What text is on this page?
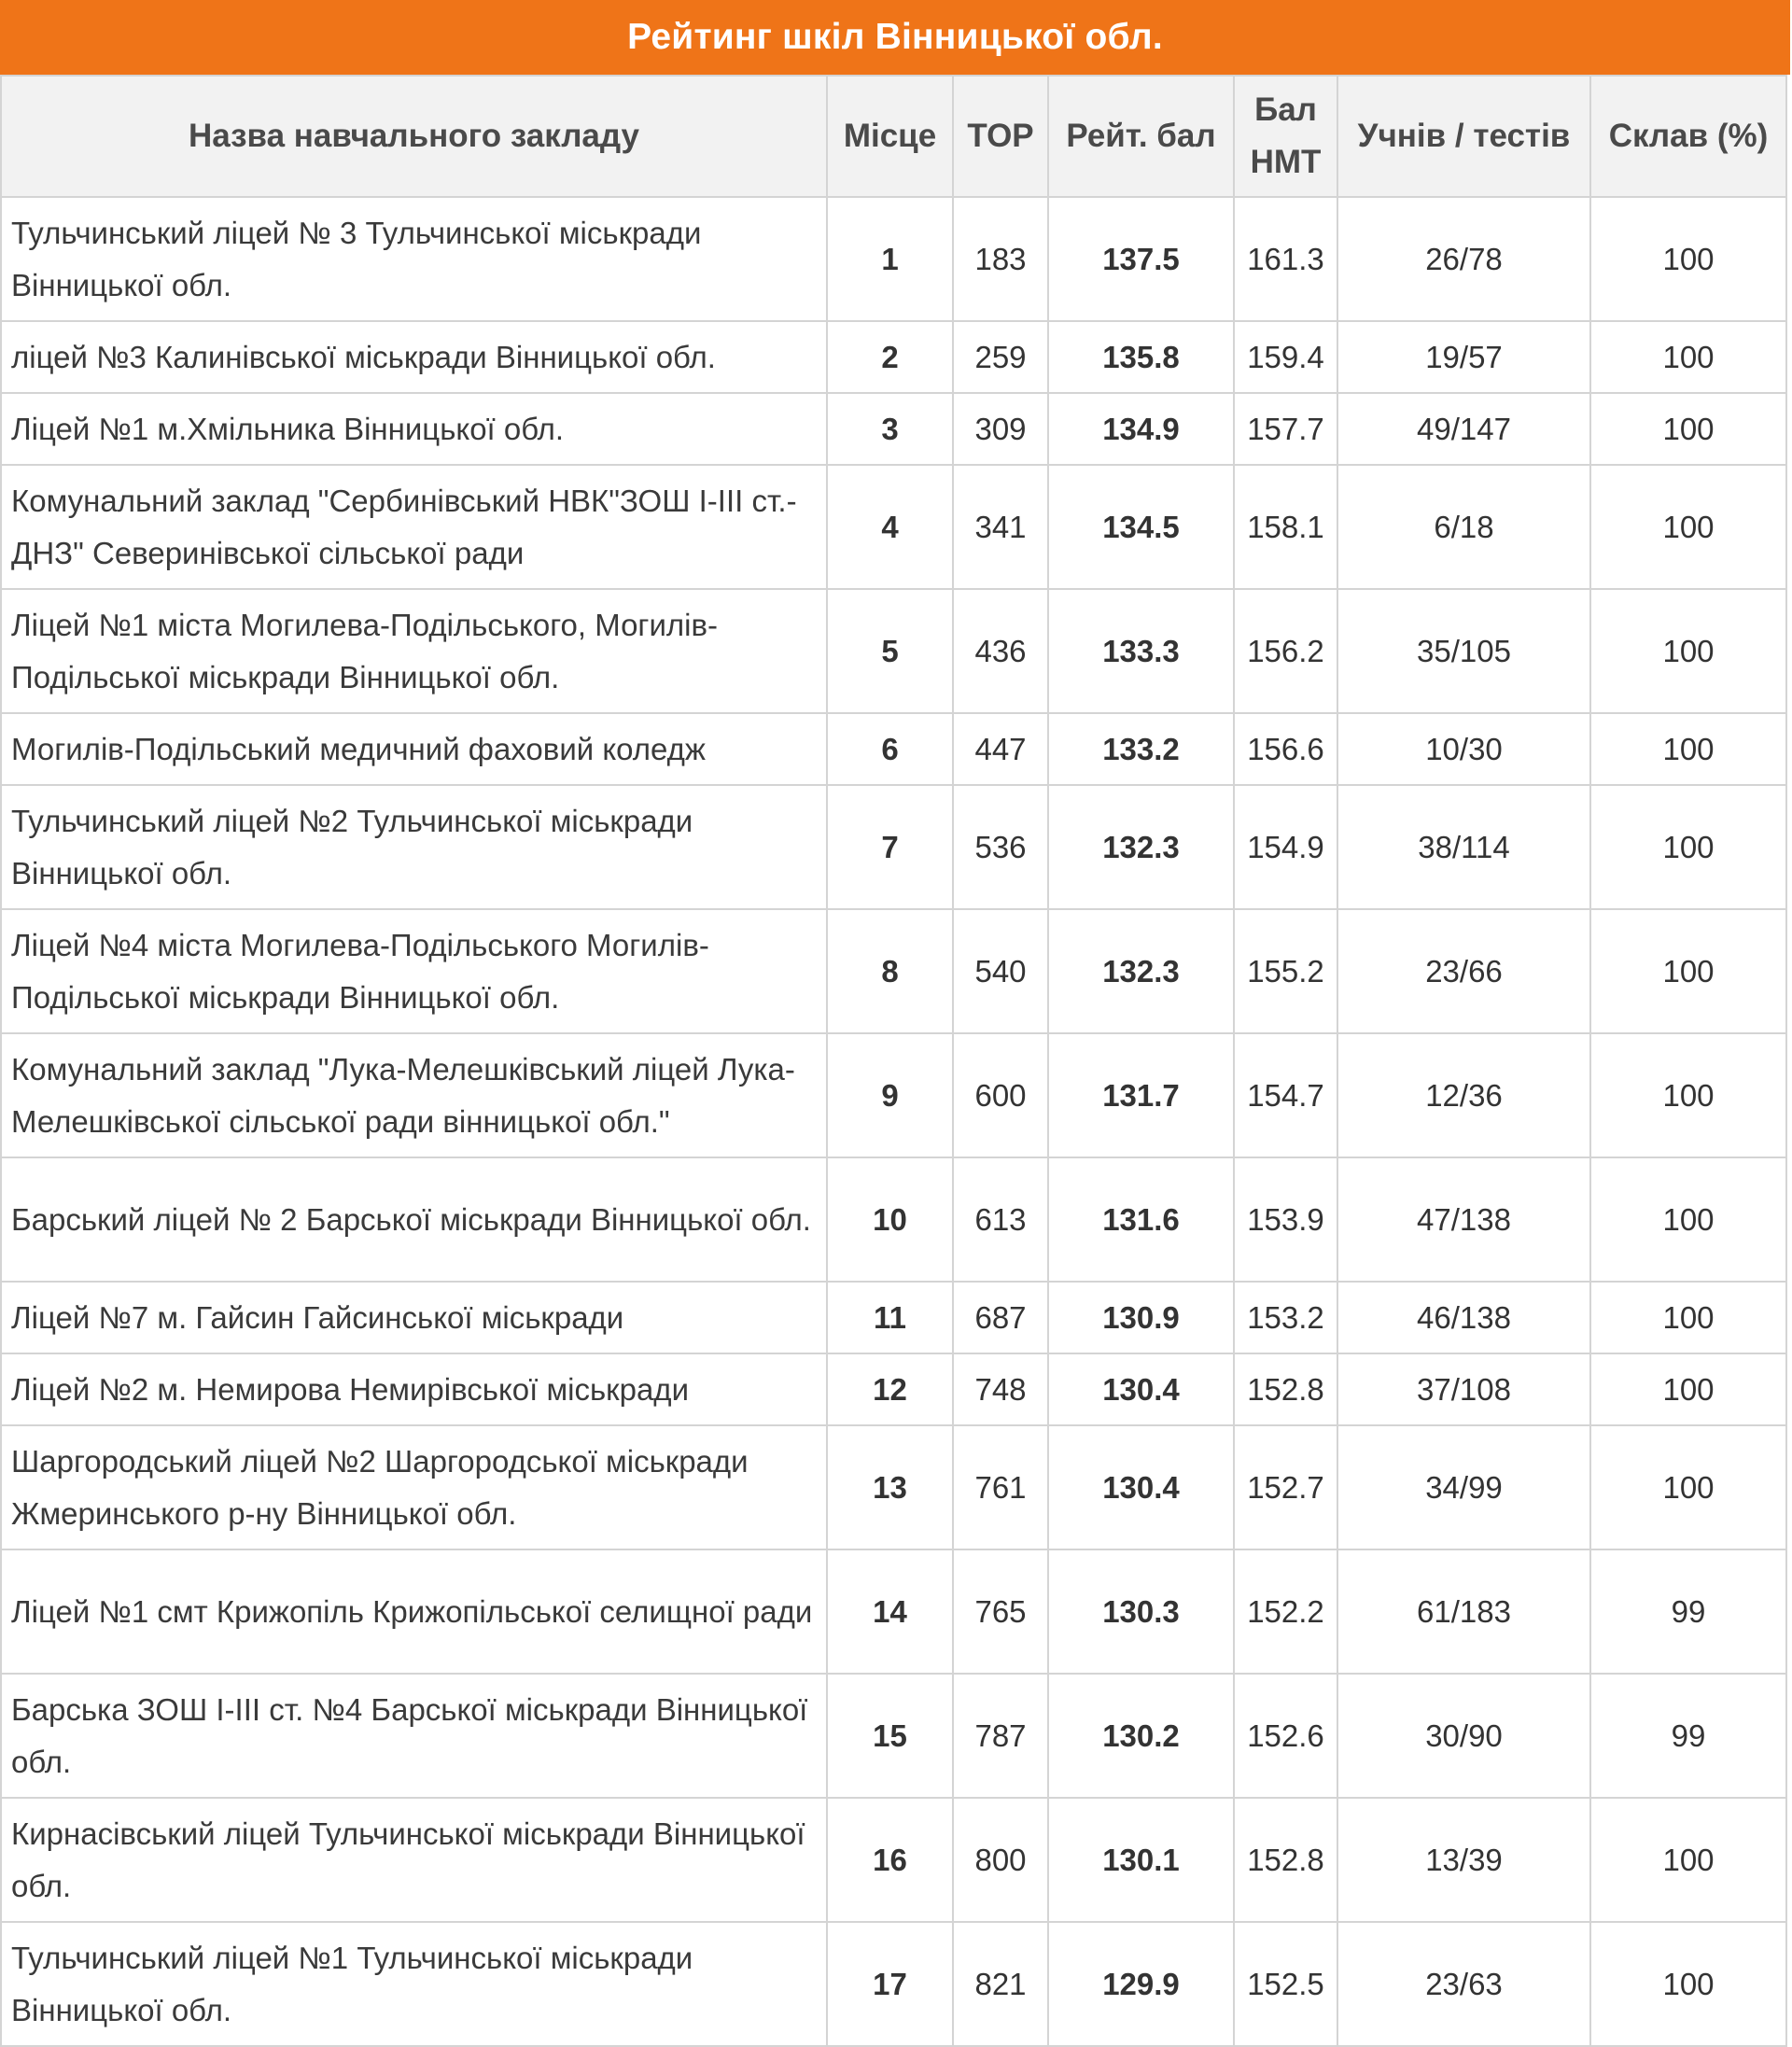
Рейтинг шкіл Вінницької обл.
Назва навчального закладу	Місце	TOP	Рейт. бал	Бал НМТ	Учнів / тестів	Склав (%)
Тульчинський ліцей № 3 Тульчинської міськради Вінницької обл.	1	183	137.5	161.3	26/78	100
ліцей №3 Калинівської міськради Вінницької обл.	2	259	135.8	159.4	19/57	100
Ліцей №1 м.Хмільника Вінницької обл.	3	309	134.9	157.7	49/147	100
Комунальний заклад "Сербинівський НВК"ЗОШ І-ІІІ ст.- ДНЗ" Северинівської сільської ради	4	341	134.5	158.1	6/18	100
Ліцей №1 міста Могилева-Подільського, Могилів-Подільської міськради Вінницької обл.	5	436	133.3	156.2	35/105	100
Могилів-Подільський медичний фаховий коледж	6	447	133.2	156.6	10/30	100
Тульчинський ліцей №2 Тульчинської міськради Вінницької обл.	7	536	132.3	154.9	38/114	100
Ліцей №4 міста Могилева-Подільського Могилів-Подільської міськради Вінницької обл.	8	540	132.3	155.2	23/66	100
Комунальний заклад "Лука-Мелешківський ліцей Лука-Мелешківської сільської ради вінницької обл."	9	600	131.7	154.7	12/36	100
Барський ліцей № 2 Барської міськради Вінницької обл.	10	613	131.6	153.9	47/138	100
Ліцей №7 м. Гайсин Гайсинської міськради	11	687	130.9	153.2	46/138	100
Ліцей №2 м. Немирова Немирівської міськради	12	748	130.4	152.8	37/108	100
Шаргородський ліцей №2 Шаргородської міськради Жмеринського р-ну Вінницької обл.	13	761	130.4	152.7	34/99	100
Ліцей №1 смт Крижопіль Крижопільської селищної ради	14	765	130.3	152.2	61/183	99
Барська ЗОШ І-ІІІ ст. №4 Барської міськради Вінницької обл.	15	787	130.2	152.6	30/90	99
Кирнасівський ліцей Тульчинської міськради Вінницької обл.	16	800	130.1	152.8	13/39	100
Тульчинський ліцей №1 Тульчинської міськради Вінницької обл.	17	821	129.9	152.5	23/63	100
